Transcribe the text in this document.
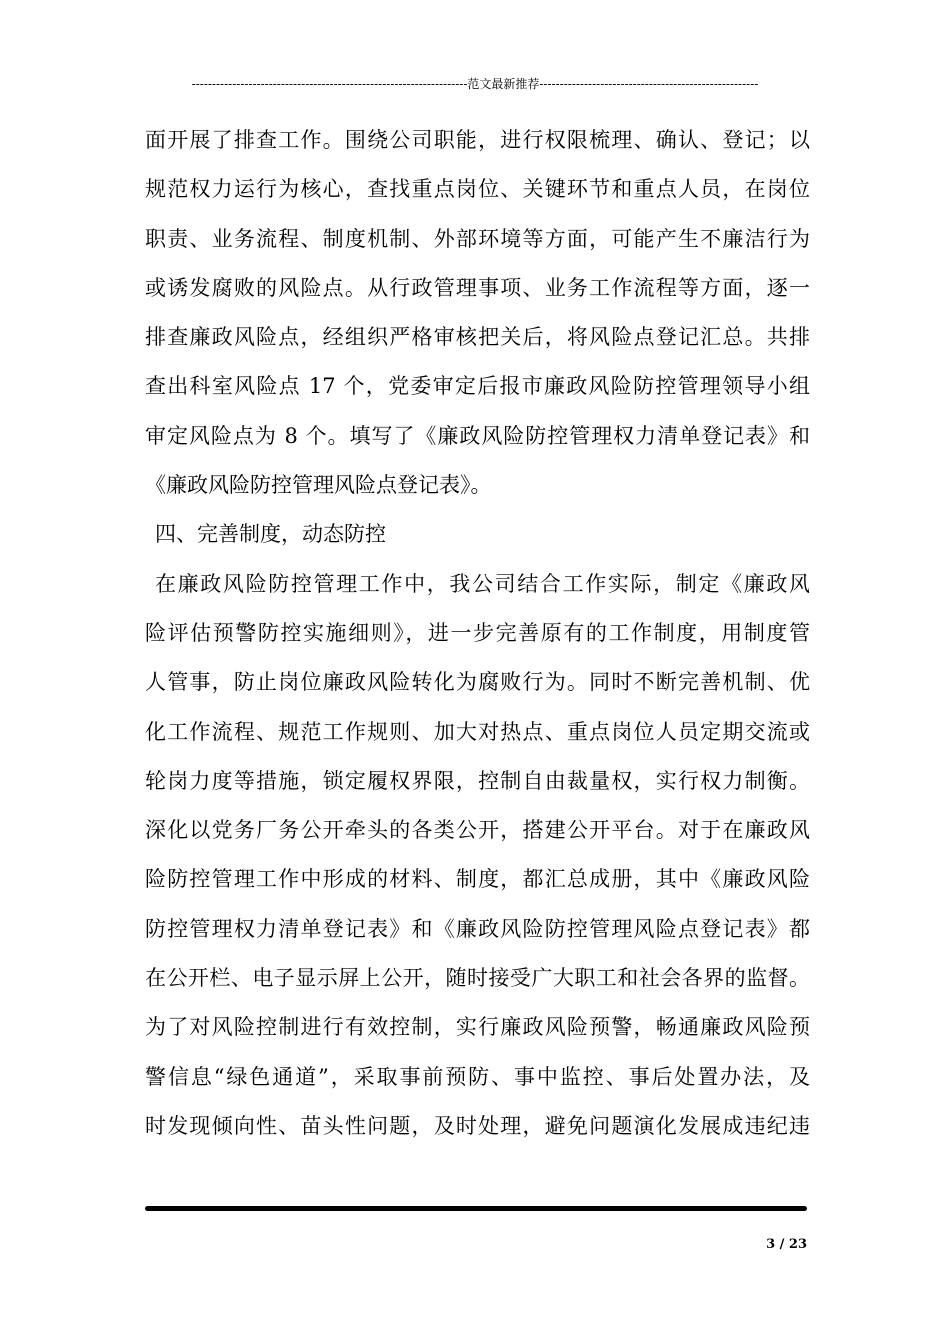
--------------------------------------------------------------------范文最新推荐------------------------------------------------------
面开展了排查工作。围绕公司职能，进行权限梳理、确认、登记；以
规范权力运行为核心，查找重点岗位、关键环节和重点人员，在岗位
职责、业务流程、制度机制、外部环境等方面，可能产生不廉洁行为
或诱发腐败的风险点。从行政管理事项、业务工作流程等方面，逐一
排查廉政风险点，经组织严格审核把关后，将风险点登记汇总。共排
查出科室风险点 17 个，党委审定后报市廉政风险防控管理领导小组
审定风险点为 8 个。填写了《廉政风险防控管理权力清单登记表》和
《廉政风险防控管理风险点登记表》。
四、完善制度，动态防控
在廉政风险防控管理工作中，我公司结合工作实际，制定《廉政风
险评估预警防控实施细则》，进一步完善原有的工作制度，用制度管
人管事，防止岗位廉政风险转化为腐败行为。同时不断完善机制、优
化工作流程、规范工作规则、加大对热点、重点岗位人员定期交流或
轮岗力度等措施，锁定履权界限，控制自由裁量权，实行权力制衡。
深化以党务厂务公开牵头的各类公开，搭建公开平台。对于在廉政风
险防控管理工作中形成的材料、制度，都汇总成册，其中《廉政风险
防控管理权力清单登记表》和《廉政风险防控管理风险点登记表》都
在公开栏、电子显示屏上公开，随时接受广大职工和社会各界的监督。
为了对风险控制进行有效控制，实行廉政风险预警，畅通廉政风险预
警信息“绿色通道”，采取事前预防、事中监控、事后处置办法，及
时发现倾向性、苗头性问题，及时处理，避免问题演化发展成违纪违
3 / 23
